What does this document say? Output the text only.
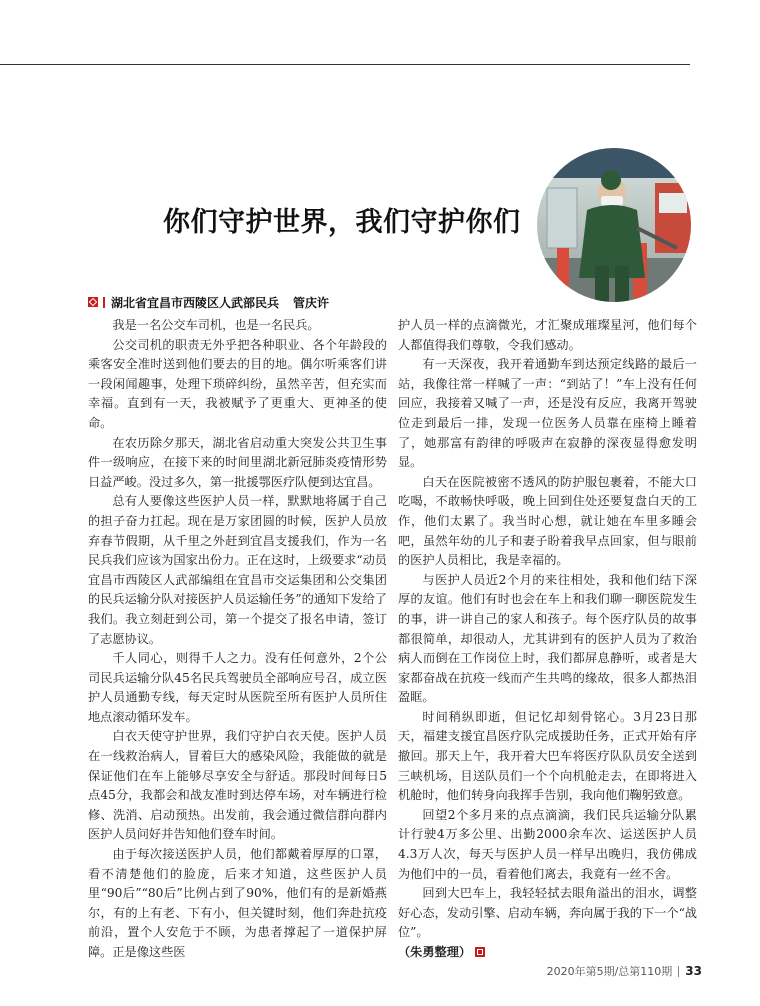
你们守护世界，我们守护你们
湖北省宜昌市西陵区人武部民兵 管庆许

我是一名公交车司机，也是一名民兵。

公交司机的职责无外乎把各种职业、各个年龄段的乘客安全准时送到他们要去的目的地。偶尔听乘客们讲一段闲闻趣事，处理下琐碎纠纷，虽然辛苦，但充实而幸福。直到有一天，我被赋予了更重大、更神圣的使命。

在农历除夕那天，湖北省启动重大突发公共卫生事件一级响应，在接下来的时间里湖北新冠肺炎疫情形势日益严峻。没过多久，第一批援鄂医疗队便到达宜昌。

总有人要像这些医护人员一样，默默地将属于自己的担子奋力扛起。现在是万家团圆的时候，医护人员放弃春节假期，从千里之外赶到宜昌支援我们，作为一名民兵我们应该为国家出份力。正在这时，上级要求“动员宜昌市西陵区人武部编组在宜昌市交运集团和公交集团的民兵运输分队对接医护人员运输任务”的通知下发给了我们。我立刻赶到公司，第一个提交了报名申请，签订了志愿协议。

千人同心，则得千人之力。没有任何意外，2个公司民兵运输分队45名民兵驾驶员全部响应号召，成立医护人员通勤专线，每天定时从医院至所有医护人员所住地点滚动循环发车。

白衣天使守护世界，我们守护白衣天使。医护人员在一线救治病人，冒着巨大的感染风险，我能做的就是保证他们在车上能够尽享安全与舒适。那段时间每日5点45分，我都会和战友准时到达停车场，对车辆进行检修、洗消、启动预热。出发前，我会通过微信群向群内医护人员问好并告知他们登车时间。

由于每次接送医护人员，他们都戴着厚厚的口罩，看不清楚他们的脸庞，后来才知道，这些医护人员里“90后”“80后”比例占到了90%，他们有的是新婚燕尔，有的上有老、下有小，但关键时刻，他们奔赴抗疫前沿，置个人安危于不顾，为患者撑起了一道保护屏障。正是像这些医

护人员一样的点滴微光，才汇聚成璀璨星河，他们每个人都值得我们尊敬，令我们感动。

有一天深夜，我开着通勤车到达预定线路的最后一站，我像往常一样喊了一声：“到站了！”车上没有任何回应，我接着又喊了一声，还是没有反应，我离开驾驶位走到最后一排，发现一位医务人员靠在座椅上睡着了，她那富有韵律的呼吸声在寂静的深夜显得愈发明显。

白天在医院被密不透风的防护服包裹着，不能大口吃喝，不敢畅快呼吸，晚上回到住处还要复盘白天的工作，他们太累了。我当时心想，就让她在车里多睡会吧，虽然年幼的儿子和妻子盼着我早点回家，但与眼前的医护人员相比，我是幸福的。

与医护人员近2个月的来往相处，我和他们结下深厚的友谊。他们有时也会在车上和我们聊一聊医院发生的事，讲一讲自己的家人和孩子。每个医疗队员的故事都很简单，却很动人，尤其讲到有的医护人员为了救治病人而倒在工作岗位上时，我们都屏息静听，或者是大家都奋战在抗疫一线而产生共鸣的缘故，很多人都热泪盈眶。

时间稍纵即逝，但记忆却刻骨铭心。3月23日那天，福建支援宜昌医疗队完成援助任务，正式开始有序撤回。那天上午，我开着大巴车将医疗队队员安全送到三峡机场，目送队员们一个个向机舱走去，在即将进入机舱时，他们转身向我挥手告别，我向他们鞠躬致意。

回望2个多月来的点点滴滴，我们民兵运输分队累计行驶4万多公里、出勤2000余车次、运送医护人员4.3万人次，每天与医护人员一样早出晚归，我仿佛成为他们中的一员，看着他们离去，我竟有一丝不舍。

回到大巴车上，我轻轻拭去眼角溢出的泪水，调整好心态，发动引擎、启动车辆，奔向属于我的下一个“战位”。

（朱勇整理）

2020年第5期/总第110期 33
